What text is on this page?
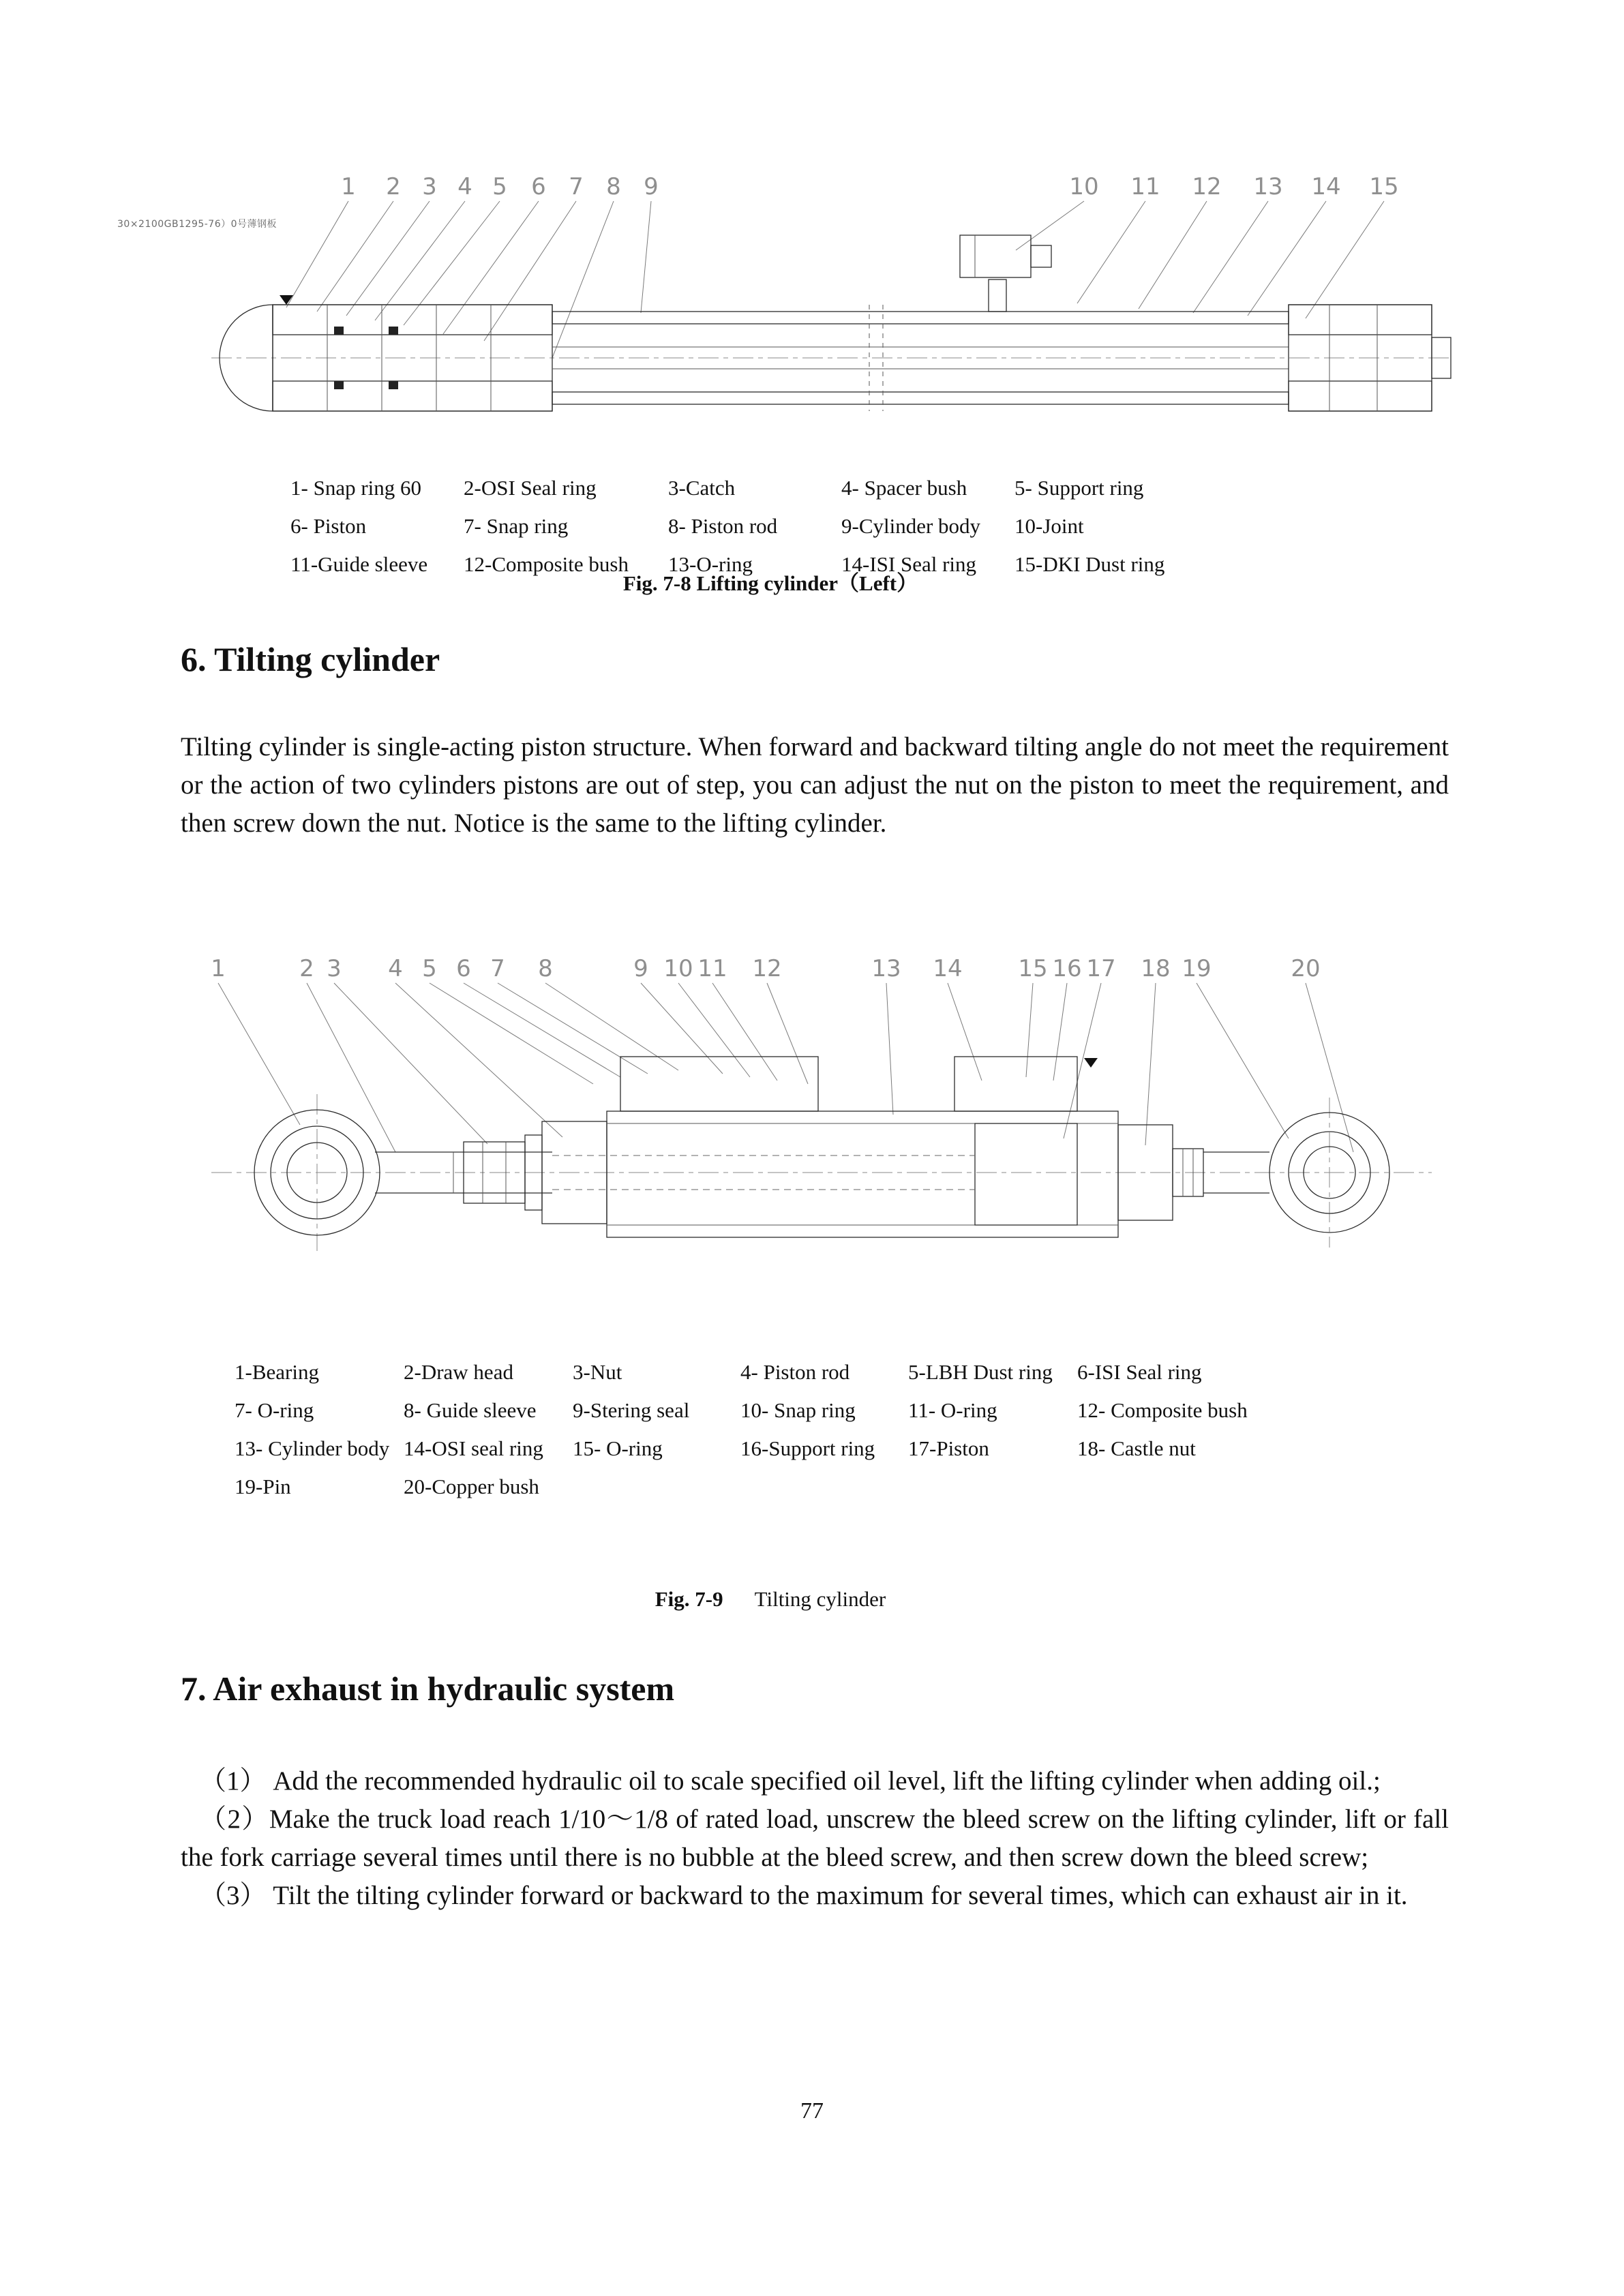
30×2100GB1295-76）0号薄钢板
1 2 3 4 5 6 7 8 9	10 11 12 13 14 15
1- Snap ring 60	2-OSI Seal ring	3-Catch	4- Spacer bush	5- Support ring
6- Piston	7- Snap ring	8- Piston rod	9-Cylinder body	10-Joint
11-Guide sleeve	12-Composite bush	13-O-ring	14-ISI Seal ring	15-DKI Dust ring
Fig. 7-8 Lifting cylinder（Left）
6. Tilting cylinder
Tilting cylinder is single-acting piston structure. When forward and backward tilting angle do not meet the requirement or the action of two cylinders pistons are out of step, you can adjust the nut on the piston to meet the requirement, and then screw down the nut. Notice is the same to the lifting cylinder.
1	2 3 4 5 6 7 8	9 10 11 12	13 14 15 16 17 18 19	20
1-Bearing	2-Draw head	3-Nut	4- Piston rod	5-LBH Dust ring	6-ISI Seal ring
7- O-ring	8- Guide sleeve	9-Stering seal	10- Snap ring	11- O-ring	12- Composite bush
13- Cylinder body 14-OSI seal ring	15- O-ring	16-Support ring	17-Piston	18- Castle nut
19-Pin	20-Copper bush
Fig. 7-9 Tilting cylinder
7. Air exhaust in hydraulic system

（1） Add the recommended hydraulic oil to scale specified oil level, lift the lifting cylinder when adding oil.;

（2）Make the truck load reach 1/10～1/8 of rated load, unscrew the bleed screw on the lifting cylinder, lift or fall the fork carriage several times until there is no bubble at the bleed screw, and then screw down the bleed screw;

（3） Tilt the tilting cylinder forward or backward to the maximum for several times, which can exhaust air in it.

77
